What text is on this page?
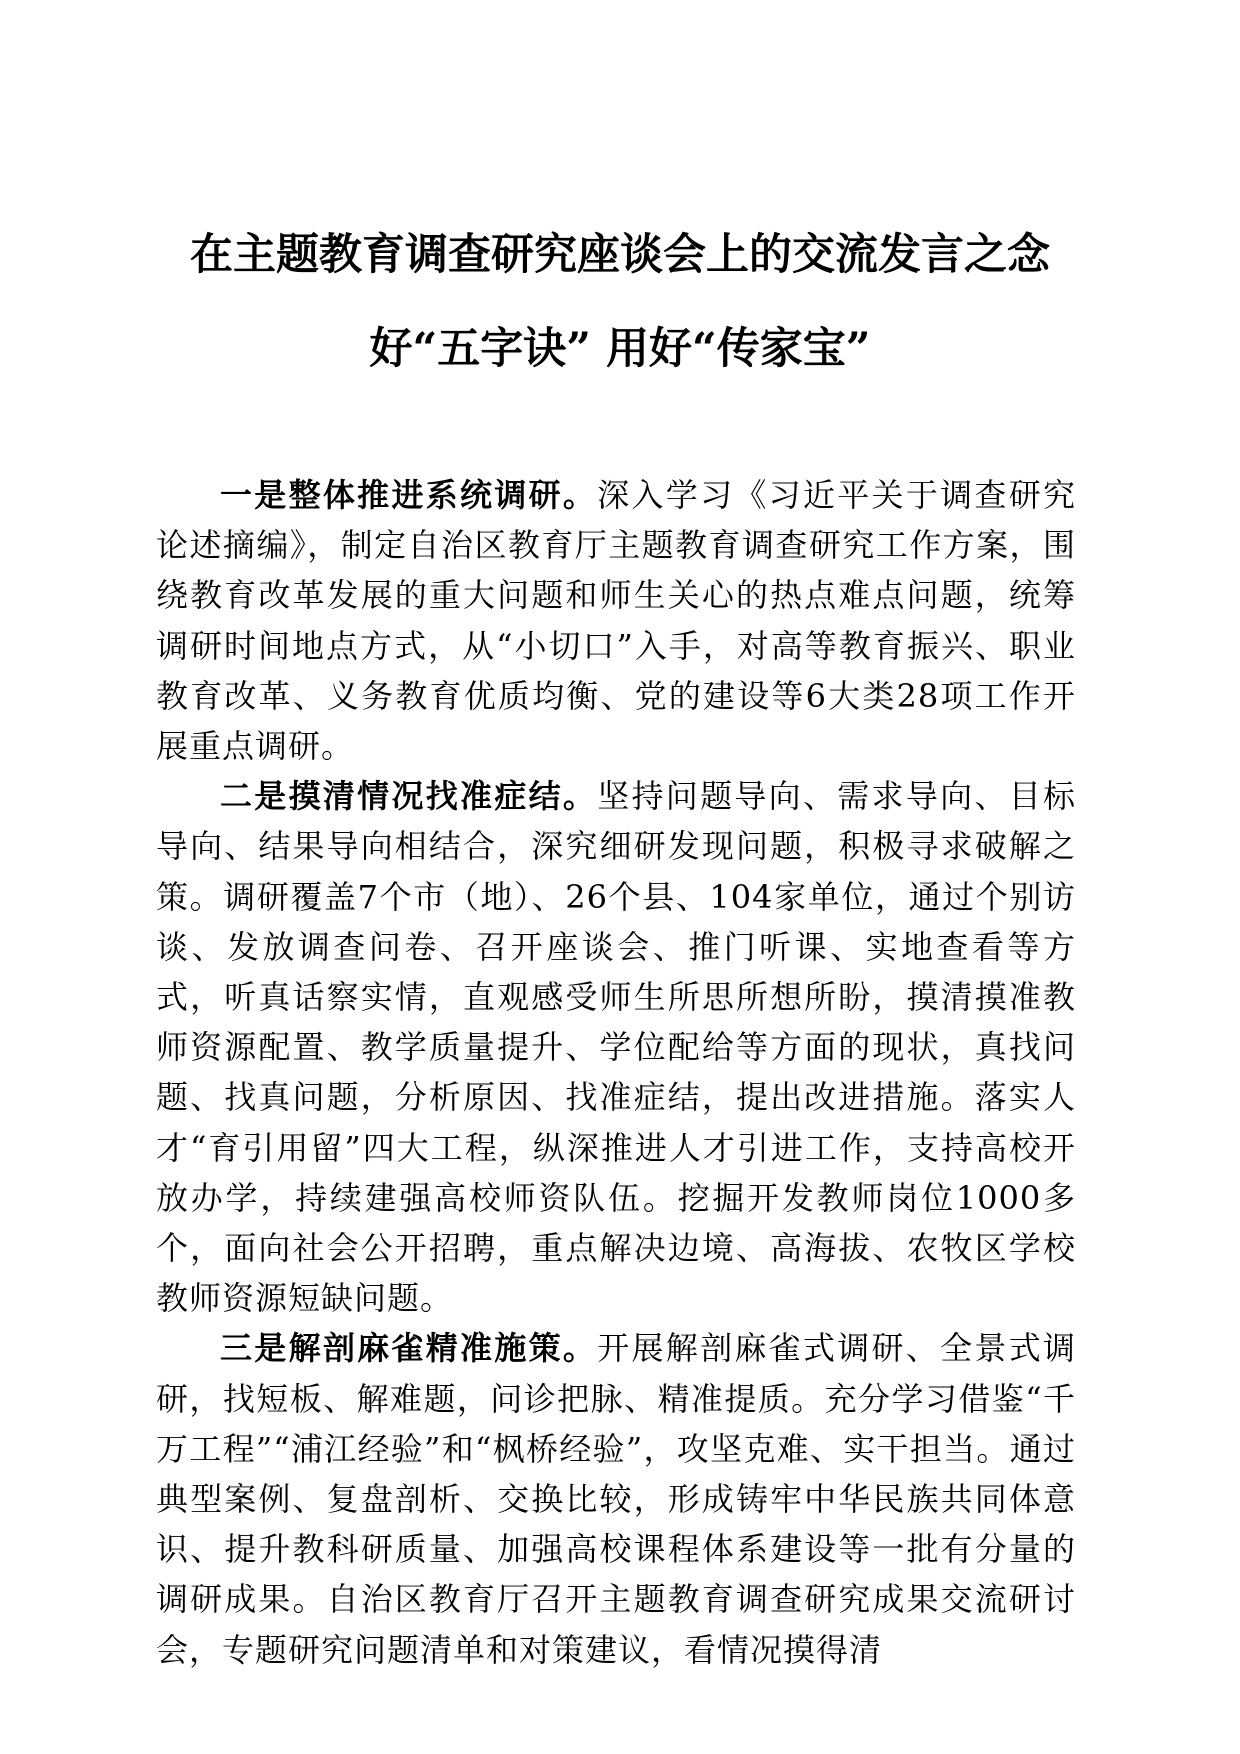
在主题教育调查研究座谈会上的交流发言之念
好“五字诀” 用好“传家宝”

一是整体推进系统调研。深入学习《习近平关于调查研究论述摘编》，制定自治区教育厅主题教育调查研究工作方案，围绕教育改革发展的重大问题和师生关心的热点难点问题，统筹调研时间地点方式，从“小切口”入手，对高等教育振兴、职业教育改革、义务教育优质均衡、党的建设等6大类28项工作开展重点调研。

二是摸清情况找准症结。坚持问题导向、需求导向、目标导向、结果导向相结合，深究细研发现问题，积极寻求破解之策。调研覆盖7个市（地）、26个县、104家单位，通过个别访谈、发放调查问卷、召开座谈会、推门听课、实地查看等方式，听真话察实情，直观感受师生所思所想所盼，摸清摸准教师资源配置、教学质量提升、学位配给等方面的现状，真找问题、找真问题，分析原因、找准症结，提出改进措施。落实人才“育引用留”四大工程，纵深推进人才引进工作，支持高校开放办学，持续建强高校师资队伍。挖掘开发教师岗位1000多个，面向社会公开招聘，重点解决边境、高海拔、农牧区学校教师资源短缺问题。

三是解剖麻雀精准施策。开展解剖麻雀式调研、全景式调研，找短板、解难题，问诊把脉、精准提质。充分学习借鉴“千万工程”“浦江经验”和“枫桥经验”，攻坚克难、实干担当。通过典型案例、复盘剖析、交换比较，形成铸牢中华民族共同体意识、提升教科研质量、加强高校课程体系建设等一批有分量的调研成果。自治区教育厅召开主题教育调查研究成果交流研讨会，专题研究问题清单和对策建议，看情况摸得清
